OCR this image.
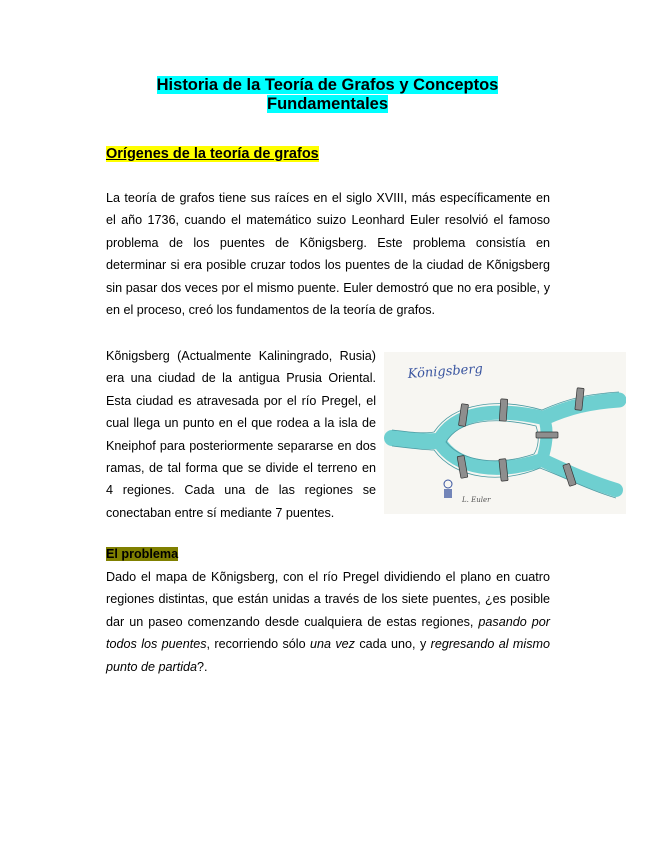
Historia de la Teoría de Grafos y Conceptos Fundamentales
Orígenes de la teoría de grafos
La teoría de grafos tiene sus raíces en el siglo XVIII, más específicamente en el año 1736, cuando el matemático suizo Leonhard Euler resolvió el famoso problema de los puentes de Kõnigsberg. Este problema consistía en determinar si era posible cruzar todos los puentes de la ciudad de Kõnigsberg sin pasar dos veces por el mismo puente. Euler demostró que no era posible, y en el proceso, creó los fundamentos de la teoría de grafos.
Kõnigsberg (Actualmente Kaliningrado, Rusia) era una ciudad de la antigua Prusia Oriental. Esta ciudad es atravesada por el río Pregel, el cual llega un punto en el que rodea a la isla de Kneiphof para posteriormente separarse en dos ramas, de tal forma que se divide el terreno en 4 regiones. Cada una de las regiones se conectaban entre sí mediante 7 puentes.
Königsberg
L. Euler
El problema
Dado el mapa de Kõnigsberg, con el río Pregel dividiendo el plano en cuatro regiones distintas, que están unidas a través de los siete puentes, ¿es posible dar un paseo comenzando desde cualquiera de estas regiones, pasando por todos los puentes, recorriendo sólo una vez cada uno, y regresando al mismo punto de partida?.
